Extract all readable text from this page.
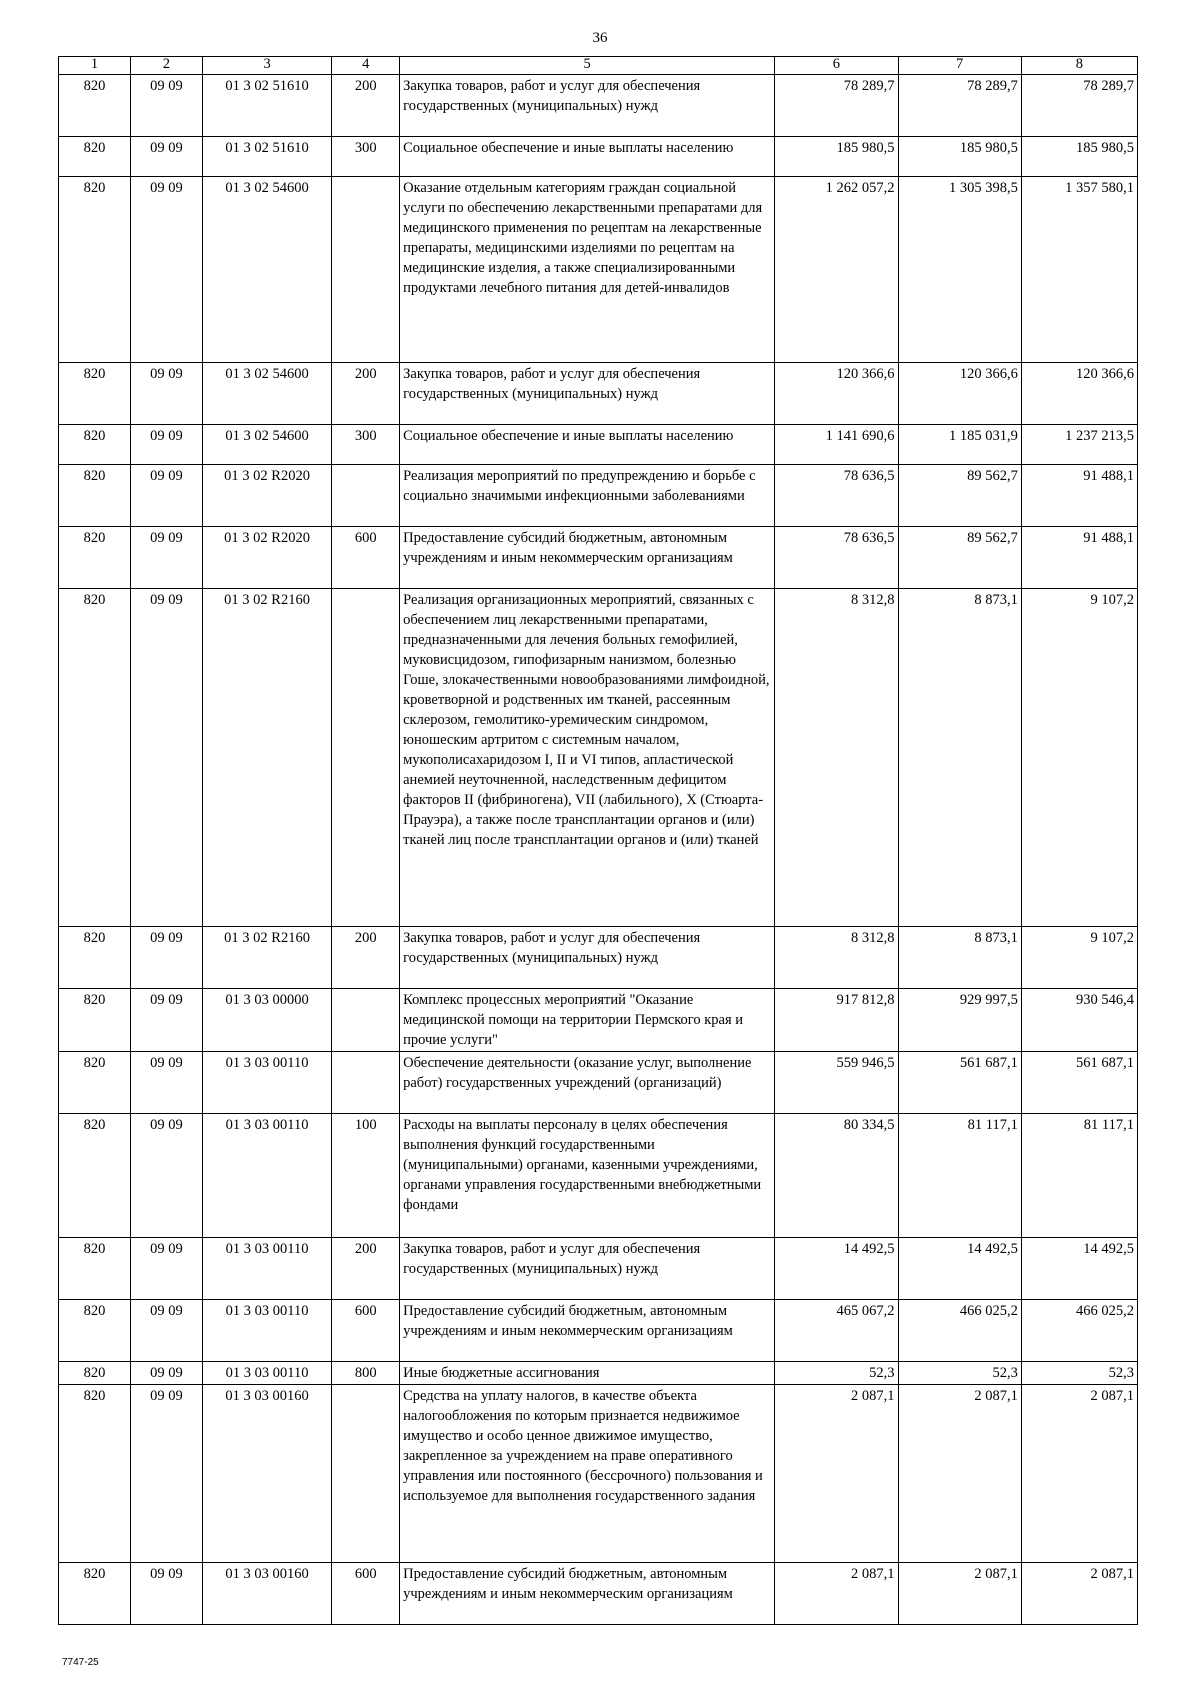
36
1	2	3	4	5	6	7	8
820	09 09	01 3 02 51610	200	Закупка товаров, работ и услуг для обеспечения государственных (муниципальных) нужд	78 289,7	78 289,7	78 289,7
820	09 09	01 3 02 51610	300	Социальное обеспечение и иные выплаты населению	185 980,5	185 980,5	185 980,5
820	09 09	01 3 02 54600		Оказание отдельным категориям граждан социальной услуги по обеспечению лекарственными препаратами для медицинского применения по рецептам на лекарственные препараты, медицинскими изделиями по рецептам на медицинские изделия, а также специализированными продуктами лечебного питания для детей-инвалидов	1 262 057,2	1 305 398,5	1 357 580,1
820	09 09	01 3 02 54600	200	Закупка товаров, работ и услуг для обеспечения государственных (муниципальных) нужд	120 366,6	120 366,6	120 366,6
820	09 09	01 3 02 54600	300	Социальное обеспечение и иные выплаты населению	1 141 690,6	1 185 031,9	1 237 213,5
820	09 09	01 3 02 R2020		Реализация мероприятий по предупреждению и борьбе с социально значимыми инфекционными заболеваниями	78 636,5	89 562,7	91 488,1
820	09 09	01 3 02 R2020	600	Предоставление субсидий бюджетным, автономным учреждениям и иным некоммерческим организациям	78 636,5	89 562,7	91 488,1
820	09 09	01 3 02 R2160		Реализация организационных мероприятий, связанных с обеспечением лиц лекарственными препаратами, предназначенными для лечения больных гемофилией, муковисцидозом, гипофизарным нанизмом, болезнью Гоше, злокачественными новообразованиями лимфоидной, кроветворной и родственных им тканей, рассеянным склерозом, гемолитико-уремическим синдромом, юношеским артритом с системным началом, мукополисахаридозом I, II и VI типов, апластической анемией неуточненной, наследственным дефицитом факторов II (фибриногена), VII (лабильного), X (Стюарта-Прауэра), а также после трансплантации органов и (или) тканей лиц после трансплантации органов и (или) тканей	8 312,8	8 873,1	9 107,2
820	09 09	01 3 02 R2160	200	Закупка товаров, работ и услуг для обеспечения государственных (муниципальных) нужд	8 312,8	8 873,1	9 107,2
820	09 09	01 3 03 00000		Комплекс процессных мероприятий "Оказание медицинской помощи на территории Пермского края и прочие услуги"	917 812,8	929 997,5	930 546,4
820	09 09	01 3 03 00110		Обеспечение деятельности (оказание услуг, выполнение работ) государственных учреждений (организаций)	559 946,5	561 687,1	561 687,1
820	09 09	01 3 03 00110	100	Расходы на выплаты персоналу в целях обеспечения выполнения функций государственными (муниципальными) органами, казенными учреждениями, органами управления государственными внебюджетными фондами	80 334,5	81 117,1	81 117,1
820	09 09	01 3 03 00110	200	Закупка товаров, работ и услуг для обеспечения государственных (муниципальных) нужд	14 492,5	14 492,5	14 492,5
820	09 09	01 3 03 00110	600	Предоставление субсидий бюджетным, автономным учреждениям и иным некоммерческим организациям	465 067,2	466 025,2	466 025,2
820	09 09	01 3 03 00110	800	Иные бюджетные ассигнования	52,3	52,3	52,3
820	09 09	01 3 03 00160		Средства на уплату налогов, в качестве объекта налогообложения по которым признается недвижимое имущество и особо ценное движимое имущество, закрепленное за учреждением на праве оперативного управления или постоянного (бессрочного) пользования и используемое для выполнения государственного задания	2 087,1	2 087,1	2 087,1
820	09 09	01 3 03 00160	600	Предоставление субсидий бюджетным, автономным учреждениям и иным некоммерческим организациям	2 087,1	2 087,1	2 087,1
7747-25
